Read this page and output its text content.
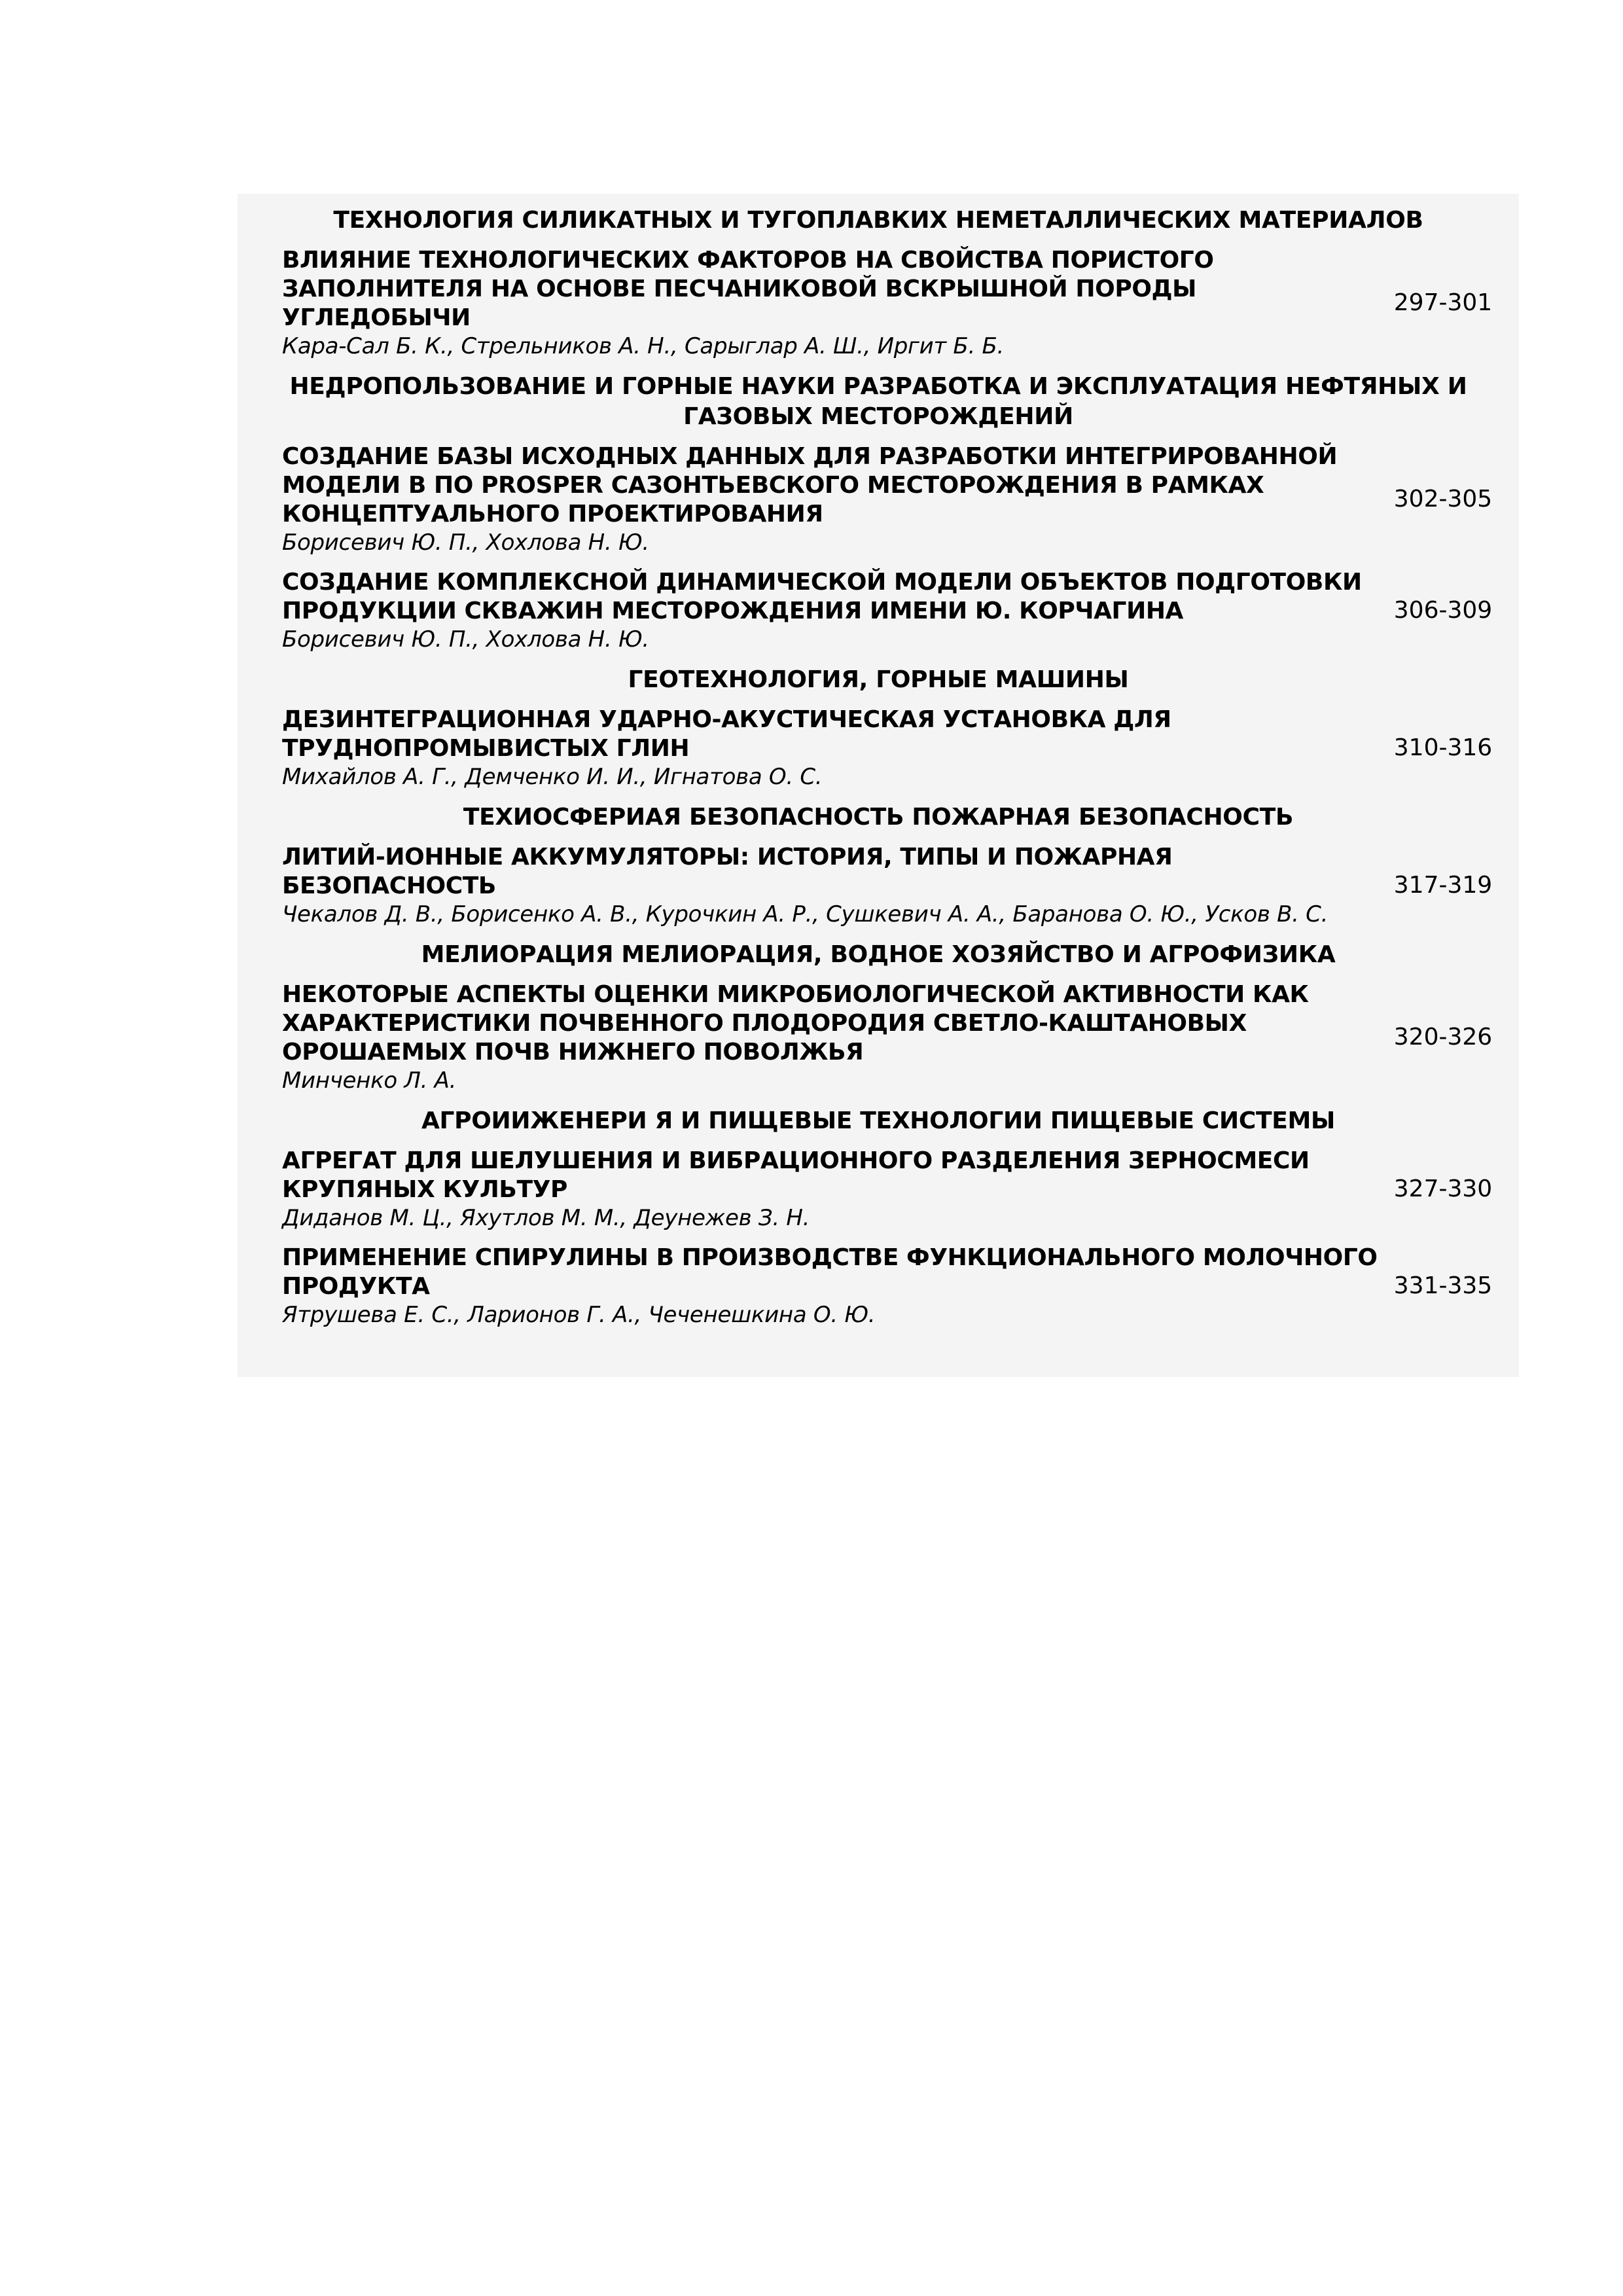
ТЕХНОЛОГИЯ СИЛИКАТНЫХ И ТУГОПЛАВКИХ НЕМЕТАЛЛИЧЕСКИХ МАТЕРИАЛОВ
ВЛИЯНИЕ ТЕХНОЛОГИЧЕСКИХ ФАКТОРОВ НА СВОЙСТВА ПОРИСТОГО ЗАПОЛНИТЕЛЯ НА ОСНОВЕ ПЕСЧАНИКОВОЙ ВСКРЫШНОЙ ПОРОДЫ УГЛЕДОБЫЧИ
Кара-Сал Б. К., Стрельников А. Н., Сарыглар А. Ш., Иргит Б. Б.
297-301
НЕДРОПОЛЬЗОВАНИЕ И ГОРНЫЕ НАУКИ РАЗРАБОТКА И ЭКСПЛУАТАЦИЯ НЕФТЯНЫХ И ГАЗОВЫХ МЕСТОРОЖДЕНИЙ
СОЗДАНИЕ БАЗЫ ИСХОДНЫХ ДАННЫХ ДЛЯ РАЗРАБОТКИ ИНТЕГРИРОВАННОЙ МОДЕЛИ В ПО PROSPER САЗОНТЬЕВСКОГО МЕСТОРОЖДЕНИЯ В РАМКАХ КОНЦЕПТУАЛЬНОГО ПРОЕКТИРОВАНИЯ
Борисевич Ю. П., Хохлова Н. Ю.
302-305
СОЗДАНИЕ КОМПЛЕКСНОЙ ДИНАМИЧЕСКОЙ МОДЕЛИ ОБЪЕКТОВ ПОДГОТОВКИ ПРОДУКЦИИ СКВАЖИН МЕСТОРОЖДЕНИЯ ИМЕНИ Ю. КОРЧАГИНА
Борисевич Ю. П., Хохлова Н. Ю.
306-309
ГЕОТЕХНОЛОГИЯ, ГОРНЫЕ МАШИНЫ
ДЕЗИНТЕГРАЦИОННАЯ УДАРНО-АКУСТИЧЕСКАЯ УСТАНОВКА ДЛЯ ТРУДНОПРОМЫВИСТЫХ ГЛИН
Михайлов А. Г., Демченко И. И., Игнатова О. С.
310-316
ТЕХИОСФЕРИАЯ БЕЗОПАСНОСТЬ ПОЖАРНАЯ БЕЗОПАСНОСТЬ
ЛИТИЙ-ИОННЫЕ АККУМУЛЯТОРЫ: ИСТОРИЯ, ТИПЫ И ПОЖАРНАЯ БЕЗОПАСНОСТЬ
Чекалов Д. В., Борисенко А. В., Курочкин А. Р., Сушкевич А. А., Баранова О. Ю., Усков В. С.
317-319
МЕЛИОРАЦИЯ МЕЛИОРАЦИЯ, ВОДНОЕ ХОЗЯЙСТВО И АГРОФИЗИКА
НЕКОТОРЫЕ АСПЕКТЫ ОЦЕНКИ МИКРОБИОЛОГИЧЕСКОЙ АКТИВНОСТИ КАК ХАРАКТЕРИСТИКИ ПОЧВЕННОГО ПЛОДОРОДИЯ СВЕТЛО-КАШТАНОВЫХ ОРОШАЕМЫХ ПОЧВ НИЖНЕГО ПОВОЛЖЬЯ
Минченко Л. А.
320-326
АГРОИИЖЕНЕРИ Я И ПИЩЕВЫЕ ТЕХНОЛОГИИ ПИЩЕВЫЕ СИСТЕМЫ
АГРЕГАТ ДЛЯ ШЕЛУШЕНИЯ И ВИБРАЦИОННОГО РАЗДЕЛЕНИЯ ЗЕРНОСМЕСИ КРУПЯНЫХ КУЛЬТУР
Диданов М. Ц., Яхутлов М. М., Деунежев З. Н.
327-330
ПРИМЕНЕНИЕ СПИРУЛИНЫ В ПРОИЗВОДСТВЕ ФУНКЦИОНАЛЬНОГО МОЛОЧНОГО ПРОДУКТА
Ятрушева Е. С., Ларионов Г. А., Чеченешкина О. Ю.
331-335
